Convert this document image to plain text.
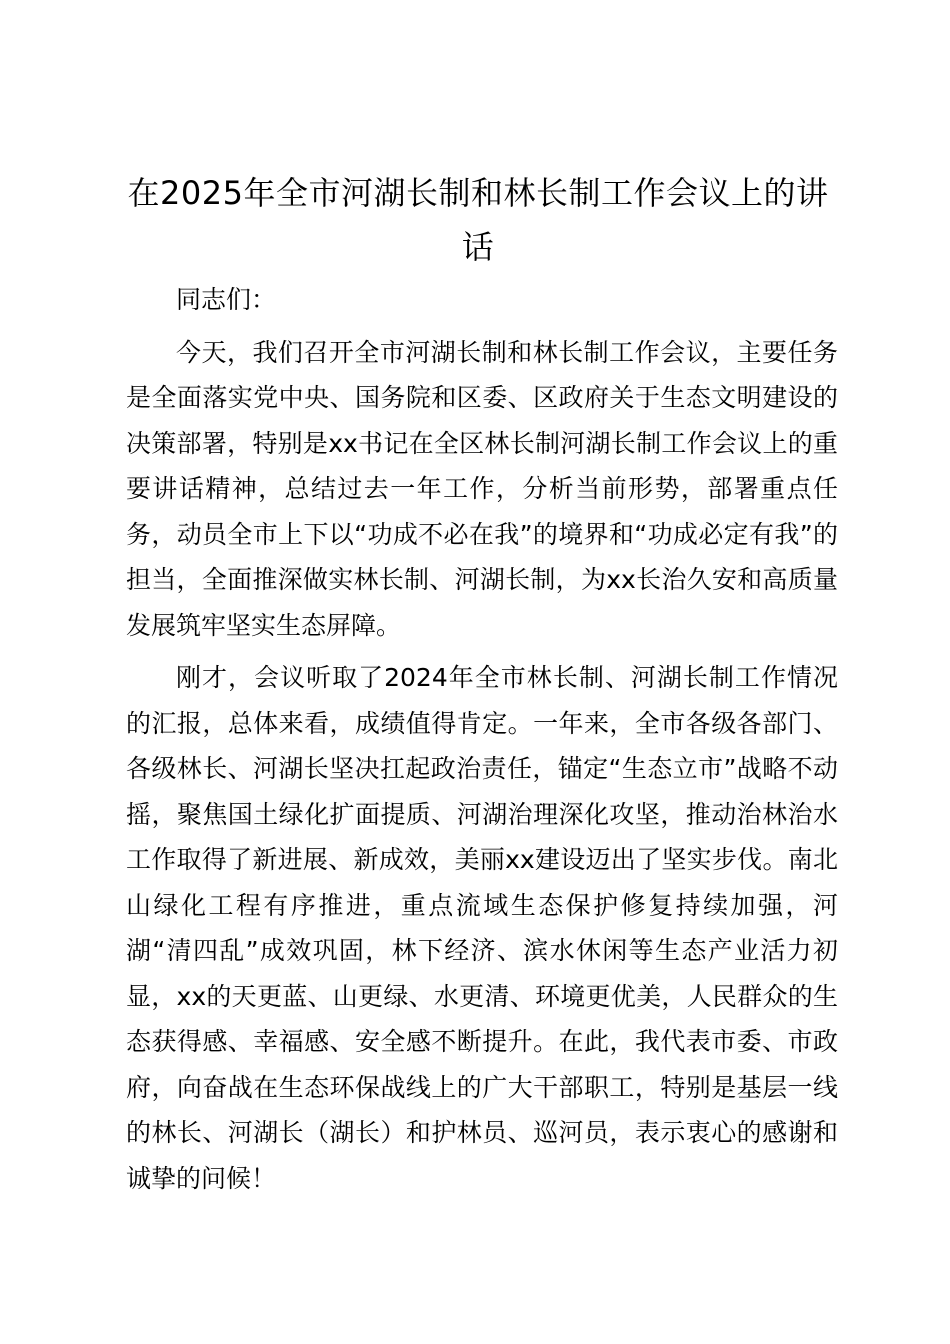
在2025年全市河湖长制和林长制工作会议上的讲话

同志们：

今天，我们召开全市河湖长制和林长制工作会议，主要任务是全面落实党中央、国务院和区委、区政府关于生态文明建设的决策部署，特别是xx书记在全区林长制河湖长制工作会议上的重要讲话精神，总结过去一年工作，分析当前形势，部署重点任务，动员全市上下以“功成不必在我”的境界和“功成必定有我”的担当，全面推深做实林长制、河湖长制，为xx长治久安和高质量发展筑牢坚实生态屏障。

刚才，会议听取了2024年全市林长制、河湖长制工作情况的汇报，总体来看，成绩值得肯定。一年来，全市各级各部门、各级林长、河湖长坚决扛起政治责任，锚定“生态立市”战略不动摇，聚焦国土绿化扩面提质、河湖治理深化攻坚，推动治林治水工作取得了新进展、新成效，美丽xx建设迈出了坚实步伐。南北山绿化工程有序推进，重点流域生态保护修复持续加强，河湖“清四乱”成效巩固，林下经济、滨水休闲等生态产业活力初显，xx的天更蓝、山更绿、水更清、环境更优美，人民群众的生态获得感、幸福感、安全感不断提升。在此，我代表市委、市政府，向奋战在生态环保战线上的广大干部职工，特别是基层一线的林长、河湖长（湖长）和护林员、巡河员，表示衷心的感谢和诚挚的问候！
